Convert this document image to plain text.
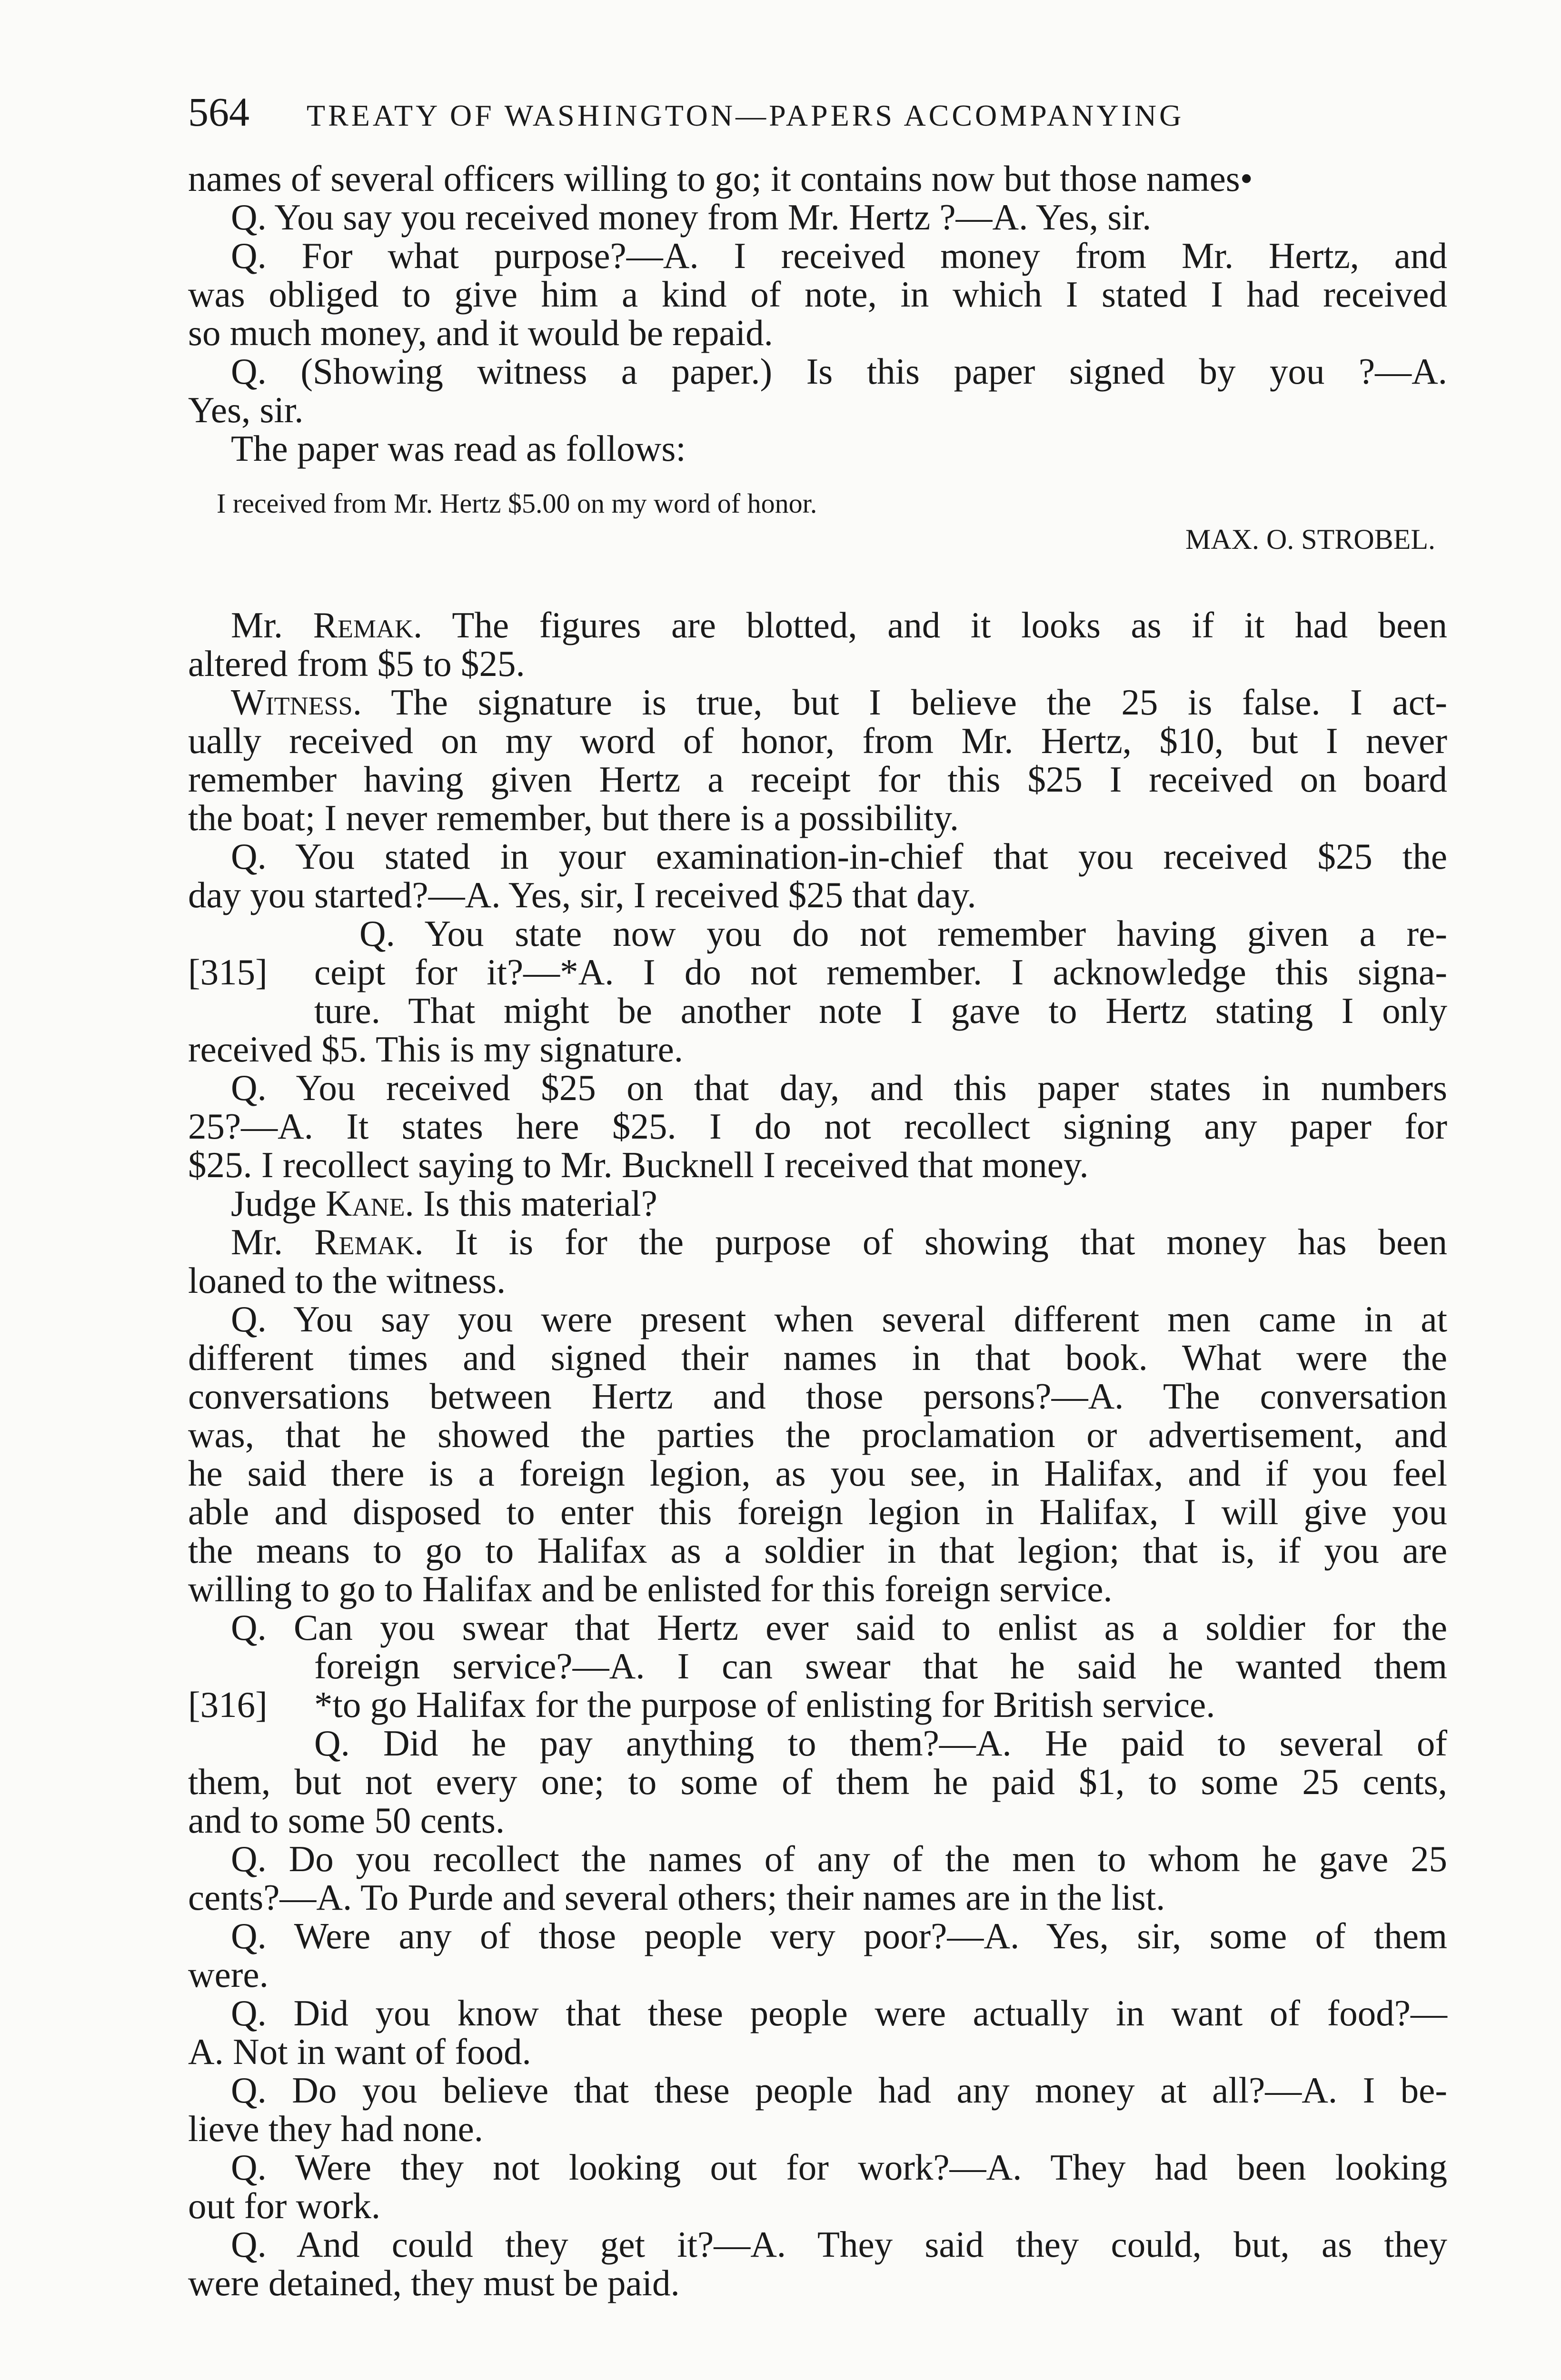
564 TREATY OF WASHINGTON—PAPERS ACCOMPANYING
names of several officers willing to go; it contains now but those names•
Q. You say you received money from Mr. Hertz ?—A. Yes, sir.
Q. For what purpose?—A. I received money from Mr. Hertz, and
was obliged to give him a kind of note, in which I stated I had received
so much money, and it would be repaid.
Q. (Showing witness a paper.) Is this paper signed by you ?—A.
Yes, sir.
The paper was read as follows:
I received from Mr. Hertz $5.00 on my word of honor.
MAX. O. STROBEL.
Mr. Remak. The figures are blotted, and it looks as if it had been
altered from $5 to $25.
Witness. The signature is true, but I believe the 25 is false. I act-
ually received on my word of honor, from Mr. Hertz, $10, but I never
remember having given Hertz a receipt for this $25 I received on board
the boat; I never remember, but there is a possibility.
Q. You stated in your examination-in-chief that you received $25 the
day you started?—A. Yes, sir, I received $25 that day.
Q. You state now you do not remember having given a re-
[315]	ceipt for it?—*A. I do not remember. I acknowledge this signa-
ture. That might be another note I gave to Hertz stating I only
received $5. This is my signature.
Q. You received $25 on that day, and this paper states in numbers
25?—A. It states here $25. I do not recollect signing any paper for
$25. I recollect saying to Mr. Bucknell I received that money.
Judge Kane. Is this material?
Mr. Remak. It is for the purpose of showing that money has been
loaned to the witness.
Q. You say you were present when several different men came in at
different times and signed their names in that book. What were the
conversations between Hertz and those persons?—A. The conversation
was, that he showed the parties the proclamation or advertisement, and
he said there is a foreign legion, as you see, in Halifax, and if you feel
able and disposed to enter this foreign legion in Halifax, I will give you
the means to go to Halifax as a soldier in that legion; that is, if you are
willing to go to Halifax and be enlisted for this foreign service.
Q. Can you swear that Hertz ever said to enlist as a soldier for the
foreign service?—A. I can swear that he said he wanted them
[316]	*to go Halifax for the purpose of enlisting for British service.
Q. Did he pay anything to them?—A. He paid to several of
them, but not every one; to some of them he paid $1, to some 25 cents,
and to some 50 cents.
Q. Do you recollect the names of any of the men to whom he gave 25
cents?—A. To Purde and several others; their names are in the list.
Q. Were any of those people very poor?—A. Yes, sir, some of them
were.
Q. Did you know that these people were actually in want of food?—
A. Not in want of food.
Q. Do you believe that these people had any money at all?—A. I be-
lieve they had none.
Q. Were they not looking out for work?—A. They had been looking
out for work.
Q. And could they get it?—A. They said they could, but, as they
were detained, they must be paid.
